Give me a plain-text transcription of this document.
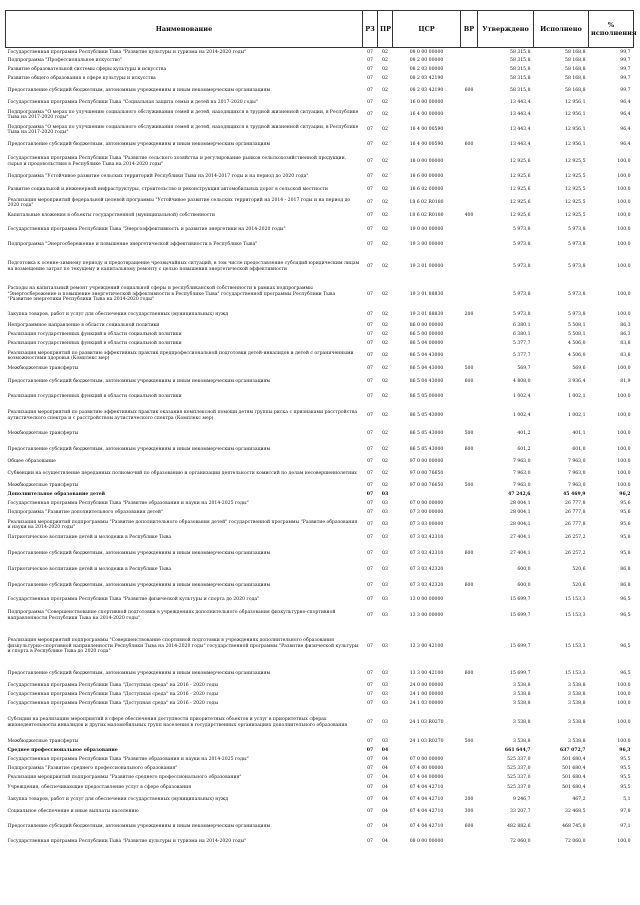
Наименование	РЗ	ПР	ЦСР	ВР	Утверждено	Исполнено	% исполнения
Государственная программа Республики Тыва "Развитие культуры и туризма на 2014-2020 годы"	07	02	08 0 00 00000		58 315,8	58 168,8	99,7
Подпрограмма "Профессиональное искусство"	07	02	08 2 00 00000		58 315,8	58 168,8	99,7
Развитие образовательной системы сферы культуры и искусства	07	02	08 2 03 00000		58 315,8	58 168,8	99,7
Развитие общего образования в сфере культуры и искусства	07	02	08 2 03 42190		58 315,8	58 168,8	99,7
Предоставление субсидий бюджетным, автономным учреждениям и иным некоммерческим организациям	07	02	08 2 03 42190	600	58 315,8	58 168,8	99,7
Государственная программа Республики Тыва "Социальная защита семьи и детей на 2017-2020 годы"	07	02	16 0 00 00000		13 443,4	12 956,1	96,4
Подпрограмма "О мерах по улучшению социального обслуживания семей и детей, находящихся в трудной жизненной ситуации, в Республике Тыва на 2017-2020 годы"	07	02	16 4 00 00000		13 443,4	12 956,1	96,4
Подпрограмма "О мерах по улучшению социального обслуживания семей и детей, находящихся в трудной жизненной ситуации, в Республике Тыва на 2017-2020 годы"	07	02	16 4 00 00590		13 443,4	12 956,1	96,4
Предоставление субсидий бюджетным, автономным учреждениям и иным некоммерческим организациям	07	02	16 4 00 00590	600	13 443,4	12 956,1	96,4
Государственная программа Республики Тыва "Развитие сельского хозяйства и регулирование рынков сельскохозяйственной продукции, сырья и продовольствия в Республике Тыва на 2014-2020 годы"	07	02	18 0 00 00000		12 925,6	12 925,5	100,0
Подпрограмма "Устойчивое развитие сельских территорий Республики Тыва на 2014-2017 годы и на период до 2020 года"	07	02	18 6 00 00000		12 925,6	12 925,5	100,0
Развитие социальной и инженерной инфраструктуры, строительство и реконструкция автомобильных дорог в сельской местности	07	02	18 6 02 00000		12 925,6	12 925,5	100,0
Реализация мероприятий федеральной целевой программы "Устойчивое развитие сельских территорий на 2014 - 2017 годы и на период до 2020 года"	07	02	18 6 02 R0180		12 925,6	12 925,5	100,0
Капитальные вложения в объекты государственной (муниципальной) собственности	07	02	18 6 02 R0180	400	12 925,6	12 925,5	100,0
Государственная программа Республики Тыва "Энергоэффективность и развитие энергетики на 2014-2020 годы"	07	02	19 0 00 00000		5 973,8	5 973,8	100,0
Подпрограмма "Энергосбережение и повышение энергетической эффективности в Республике Тыва"	07	02	19 3 00 00000		5 973,8	5 973,8	100,0
Подготовка к осенне-зимнему периоду и предотвращение чрезвычайных ситуаций, в том числе предоставление субсидий юридическим лицам на возмещение затрат по текущему и капитальному ремонту с целью повышения энергетической эффективности	07	02	19 3 01 00000		5 973,8	5 973,8	100,0
Расходы на капитальный ремонт учреждений социальной сферы и республиканской собственности в рамках подпрограммы "Энергосбережение и повышение энергетической эффективности в Республике Тыва" государственной программы Республики Тыва "Развитие энергетики Республики Тыва на 2014-2020 годы"	07	02	19 3 01 88830		5 973,8	5 973,8	100,0
Закупка товаров, работ и услуг для обеспечения государственных (муниципальных) нужд	07	02	19 3 01 88830	200	5 973,8	5 973,8	100,0
Непрограммное направление в области социальной политики	07	02	86 0 00 00000		6 380,1	5 508,1	86,3
Реализация государственных функций в области социальной политики	07	02	86 5 00 00000		6 380,1	5 508,1	86,3
Реализация государственных функций в области социальной политики	07	02	86 5 04 00000		5 377,7	4 506,0	83,8
Реализация мероприятий по развитию эффективных практик предпрофессиональной подготовки детей-инвалидов и детей с ограниченными возможностями здоровья (Комплекс мер)	07	02	86 5 04 43000		5 377,7	4 506,0	83,8
Межбюджетные трансферты	07	02	86 5 04 43000	500	569,7	569,6	100,0
Предоставление субсидий бюджетным, автономным учреждениям и иным некоммерческим организациям	07	02	86 5 04 43000	600	4 808,0	3 936,4	81,9
Реализация государственных функций в области социальной политики	07	02	86 5 05 00000		1 002,4	1 002,1	100,0
Реализация мероприятий по развитию эффективных практик оказания комплексной помощи детям группы риска с признаками расстройства аутистического спектра и с расстройством аутистического спектра (Комплекс мер)	07	02	86 5 05 43000		1 002,4	1 002,1	100,0
Межбюджетные трансферты	07	02	86 5 05 43000	500	401,2	401,1	100,0
Предоставление субсидий бюджетным, автономным учреждениям и иным некоммерческим организациям	07	02	86 5 05 43000	600	601,2	601,0	100,0
Общее образование	07	02	97 0 00 00000		7 963,0	7 963,0	100,0
Субвенции на осуществление переданных полномочий по образованию и организации деятельности комиссий по делам несовершеннолетних	07	02	97 0 00 76650		7 963,0	7 963,0	100,0
Межбюджетные трансферты	07	02	97 0 00 76650	500	7 963,0	7 963,0	100,0
Дополнительное образование детей	07	03			47 242,6	45 469,9	96,2
Государственная программа Республики Тыва "Развитие образования и науки на 2014-2025 годы"	07	03	07 0 00 00000		28 004,1	26 777,8	95,6
Подпрограмма "Развитие дополнительного образования детей"	07	03	07 3 00 00000		28 004,1	26 777,8	95,6
Реализация мероприятий подпрограммы "Развитие дополнительного образования детей" государственной программы "Развитие образования и науки на 2014-2020 годы"	07	03	07 3 03 00000		28 004,1	26 777,8	95,6
Патриотическое воспитание детей и молодежи в Республике Тыва	07	03	07 3 03 42310		27 404,1	26 257,2	95,8
Предоставление субсидий бюджетным, автономным учреждениям и иным некоммерческим организациям	07	03	07 3 03 42310	600	27 404,1	26 257,2	95,8
Патриотическое воспитание детей и молодежи в Республике Тыва	07	03	07 3 03 42320		600,0	520,6	86,8
Предоставление субсидий бюджетным, автономным учреждениям и иным некоммерческим организациям	07	03	07 3 03 42320	600	600,0	520,6	86,8
Государственная программа Республики Тыва "Развитие физической культуры и спорта до 2020 года"	07	03	13 0 00 00000		15 699,7	15 153,3	96,5
Подпрограмма "Совершенствование спортивной подготовки в учреждениях дополнительного образования физкультурно-спортивной направленности Республики Тыва на 2014-2020 годы"	07	03	13 3 00 00000		15 699,7	15 153,3	96,5
Реализация мероприятий подпрограммы "Совершенствование спортивной подготовки в учреждениях дополнительного образования физкультурно-спортивной направленности Республики Тыва на 2014-2020 годы" государственной программы "Развитие физической культуры и спорта в Республике Тыва до 2020 года"	07	03	13 3 00 42100		15 699,7	15 153,3	96,5
Предоставление субсидий бюджетным, автономным учреждениям и иным некоммерческим организациям	07	03	13 3 00 42100	600	15 699,7	15 153,3	96,5
Государственная программа Республики Тыва "Доступная среда" на 2016 - 2020 годы	07	03	24 0 00 00000		3 538,8	3 538,8	100,0
Государственная программа Республики Тыва "Доступная среда" на 2016 - 2020 годы	07	03	24 1 00 00000		3 538,8	3 538,8	100,0
Государственная программа Республики Тыва "Доступная среда" на 2016 - 2020 годы	07	03	24 1 03 00000		3 538,8	3 538,8	100,0
Субсидии на реализацию мероприятий в сфере обеспечения доступности приоритетных объектов и услуг в приоритетных сферах жизнедеятельности инвалидов и других маломобильных групп населения в государственных организациях дополнительного образования	07	03	24 1 03 R0270		3 538,8	3 538,8	100,0
Межбюджетные трансферты	07	03	24 1 03 R0270	500	3 538,8	3 538,8	100,0
Среднее профессиональное образование	07	04			661 644,7	637 072,7	96,3
Государственная программа Республики Тыва "Развитие образования и науки на 2014-2025 годы"	07	04	07 0 00 00000		525 337,0	501 680,4	95,5
Подпрограмма "Развитие среднего профессионального образования"	07	04	07 4 00 00000		525 337,0	501 680,4	95,5
Реализация мероприятий подпрограммы "Развитие среднего профессионального образования"	07	04	07 4 04 00000		525 337,0	501 680,4	95,5
Учреждения, обеспечивающие предоставление услуг в сфере образования	07	04	07 4 04 42710		525 337,0	501 680,4	95,5
Закупка товаров, работ и услуг для обеспечения государственных (муниципальных) нужд	07	04	07 4 04 42710	200	9 246,7	467,2	5,1
Социальное обеспечение и иные выплаты населению	07	04	07 4 04 42710	300	33 207,7	32 468,5	97,8
Предоставление субсидий бюджетным, автономным учреждениям и иным некоммерческим организациям	07	04	07 4 04 42710	600	482 882,6	468 745,0	97,1
Государственная программа Республики Тыва "Развитие культуры и туризма на 2014-2020 годы"	07	04	08 0 00 00000		72 060,0	72 060,0	100,0
